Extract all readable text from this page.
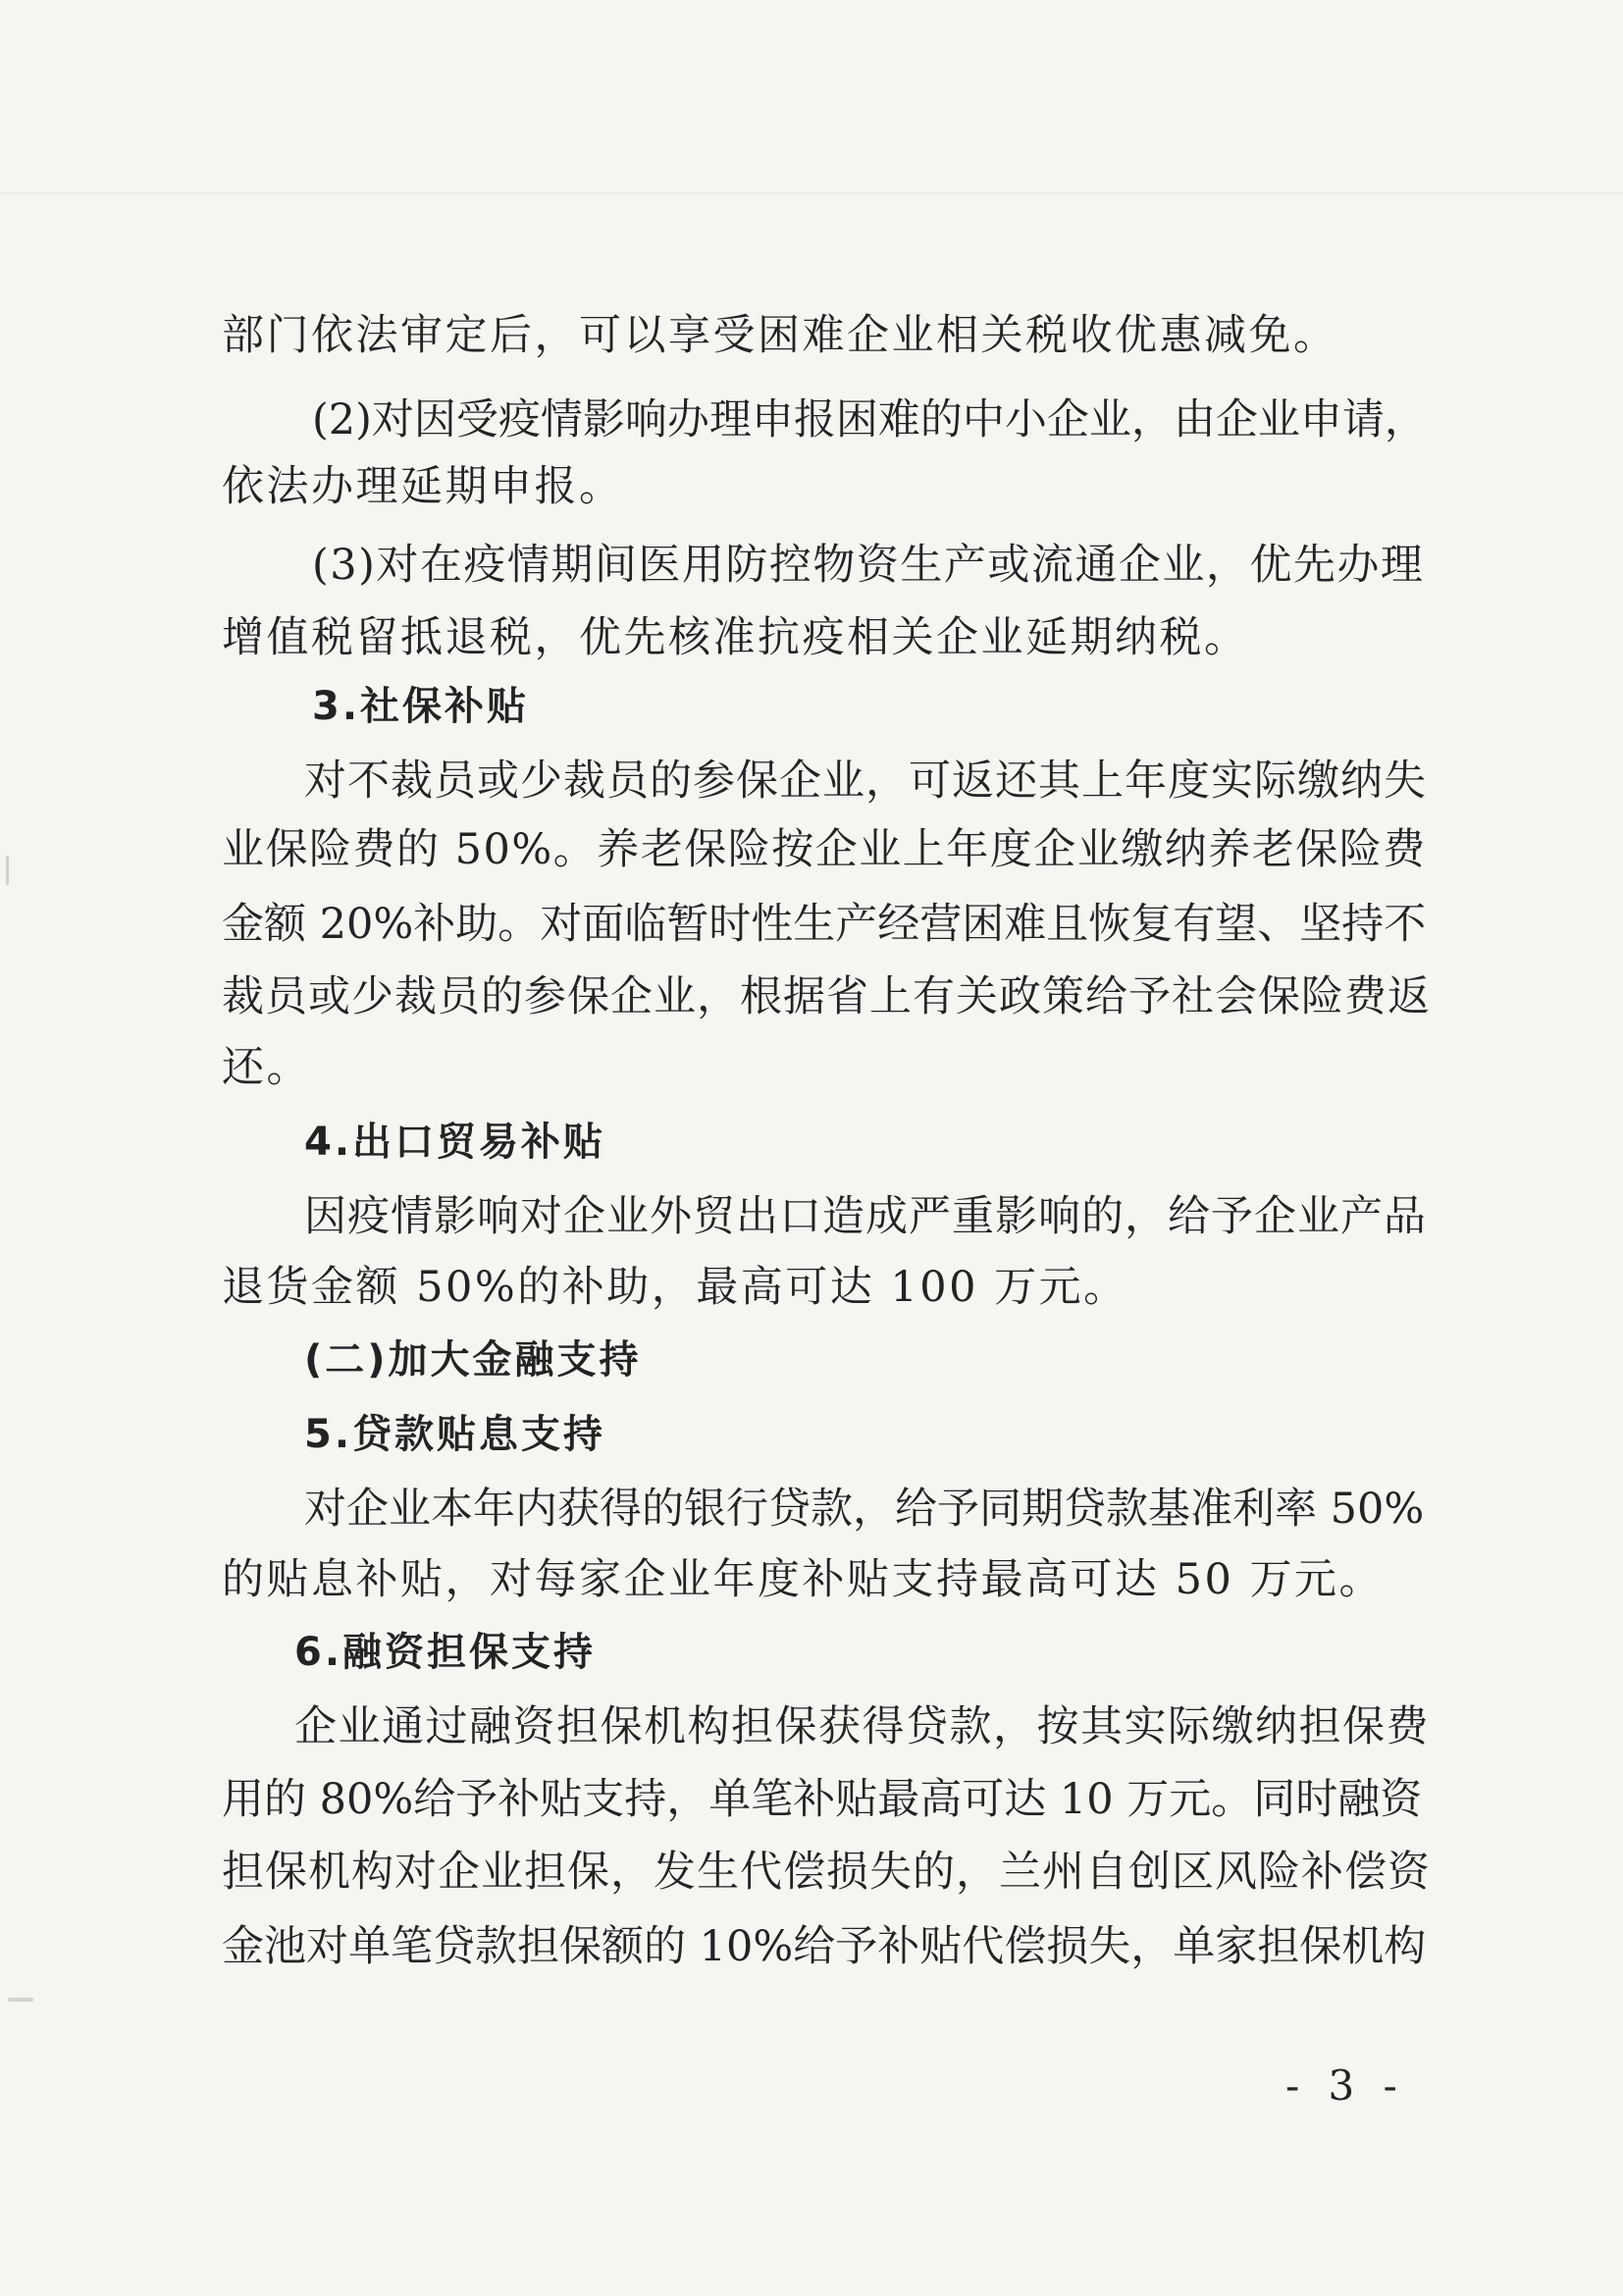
部门依法审定后，可以享受困难企业相关税收优惠减免。

(2)对因受疫情影响办理申报困难的中小企业，由企业申请，

依法办理延期申报。

(3)对在疫情期间医用防控物资生产或流通企业，优先办理

增值税留抵退税，优先核准抗疫相关企业延期纳税。

3.社保补贴

对不裁员或少裁员的参保企业，可返还其上年度实际缴纳失

业保险费的 50%。养老保险按企业上年度企业缴纳养老保险费

金额 20%补助。对面临暂时性生产经营困难且恢复有望、坚持不

裁员或少裁员的参保企业，根据省上有关政策给予社会保险费返

还。

4.出口贸易补贴

因疫情影响对企业外贸出口造成严重影响的，给予企业产品

退货金额 50%的补助，最高可达 100 万元。

(二)加大金融支持

5.贷款贴息支持

对企业本年内获得的银行贷款，给予同期贷款基准利率 50%

的贴息补贴，对每家企业年度补贴支持最高可达 50 万元。

6.融资担保支持

企业通过融资担保机构担保获得贷款，按其实际缴纳担保费

用的 80%给予补贴支持，单笔补贴最高可达 10 万元。同时融资

担保机构对企业担保，发生代偿损失的，兰州自创区风险补偿资

金池对单笔贷款担保额的 10%给予补贴代偿损失，单家担保机构

- 3 -
